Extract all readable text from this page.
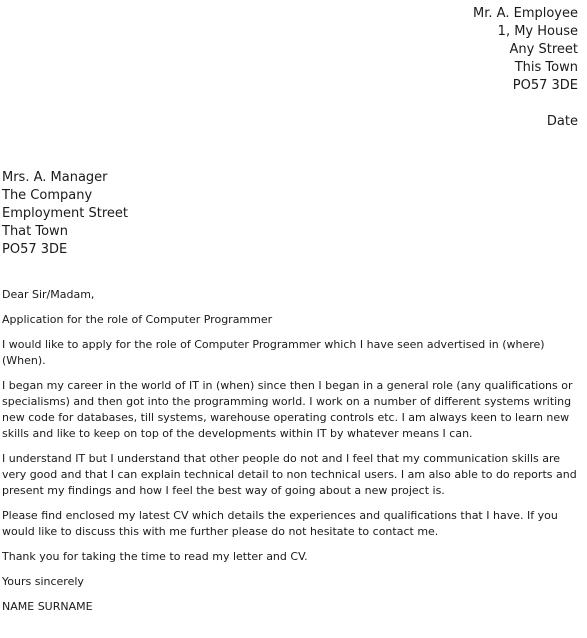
Mr. A. Employee
1, My House
Any Street
This Town
PO57 3DE
Date
Mrs. A. Manager
The Company
Employment Street
That Town
PO57 3DE

Dear Sir/Madam,

Application for the role of Computer Programmer

I would like to apply for the role of Computer Programmer which I have seen advertised in (where) (When).

I began my career in the world of IT in (when) since then I began in a general role (any qualifications or specialisms) and then got into the programming world. I work on a number of different systems writing new code for databases, till systems, warehouse operating controls etc. I am always keen to learn new skills and like to keep on top of the developments within IT by whatever means I can.

I understand IT but I understand that other people do not and I feel that my communication skills are very good and that I can explain technical detail to non technical users. I am also able to do reports and present my findings and how I feel the best way of going about a new project is.

Please find enclosed my latest CV which details the experiences and qualifications that I have. If you would like to discuss this with me further please do not hesitate to contact me.

Thank you for taking the time to read my letter and CV.

Yours sincerely

NAME SURNAME
